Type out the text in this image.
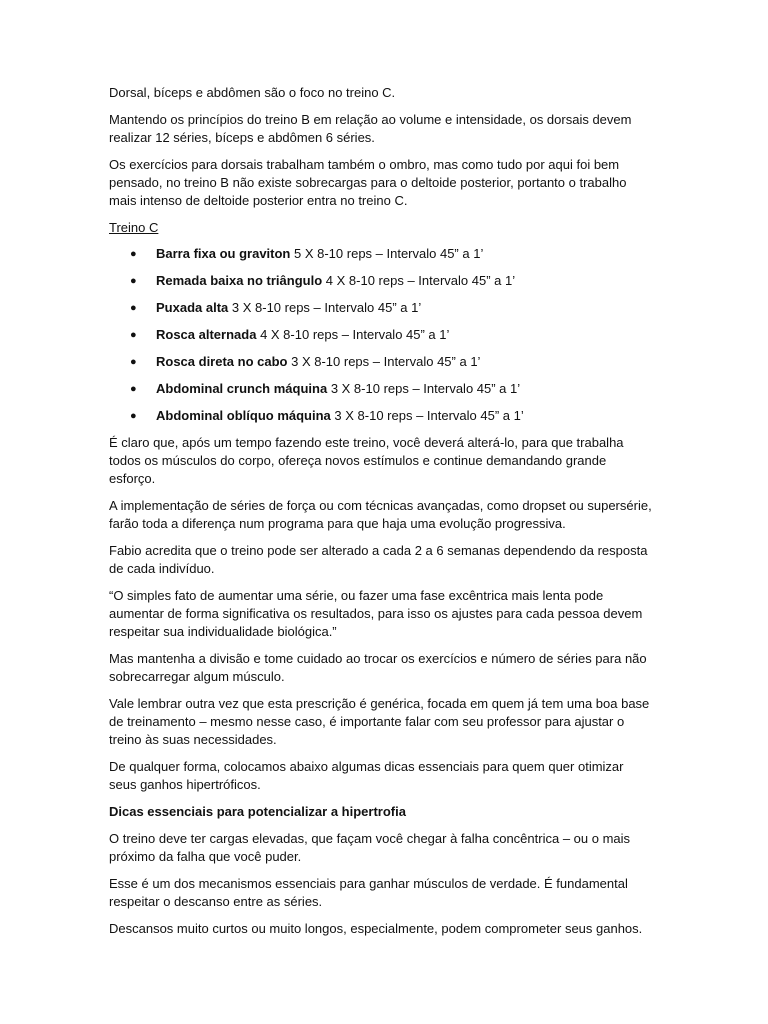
Dorsal, bíceps e abdômen são o foco no treino C.

Mantendo os princípios do treino B em relação ao volume e intensidade, os dorsais devem realizar 12 séries, bíceps e abdômen 6 séries.

Os exercícios para dorsais trabalham também o ombro, mas como tudo por aqui foi bem pensado, no treino B não existe sobrecargas para o deltoide posterior, portanto o trabalho mais intenso de deltoide posterior entra no treino C.

Treino C

● Barra fixa ou graviton 5 X 8-10 reps – Intervalo 45” a 1’
● Remada baixa no triângulo 4 X 8-10 reps – Intervalo 45” a 1’
● Puxada alta 3 X 8-10 reps – Intervalo 45” a 1’
● Rosca alternada 4 X 8-10 reps – Intervalo 45” a 1’
● Rosca direta no cabo 3 X 8-10 reps – Intervalo 45” a 1’
● Abdominal crunch máquina 3 X 8-10 reps – Intervalo 45” a 1’
● Abdominal oblíquo máquina 3 X 8-10 reps – Intervalo 45” a 1’

É claro que, após um tempo fazendo este treino, você deverá alterá-lo, para que trabalha todos os músculos do corpo, ofereça novos estímulos e continue demandando grande esforço.

A implementação de séries de força ou com técnicas avançadas, como dropset ou supersérie, farão toda a diferença num programa para que haja uma evolução progressiva.

Fabio acredita que o treino pode ser alterado a cada 2 a 6 semanas dependendo da resposta de cada indivíduo.

“O simples fato de aumentar uma série, ou fazer uma fase excêntrica mais lenta pode aumentar de forma significativa os resultados, para isso os ajustes para cada pessoa devem respeitar sua individualidade biológica.”

Mas mantenha a divisão e tome cuidado ao trocar os exercícios e número de séries para não sobrecarregar algum músculo.

Vale lembrar outra vez que esta prescrição é genérica, focada em quem já tem uma boa base de treinamento – mesmo nesse caso, é importante falar com seu professor para ajustar o treino às suas necessidades.

De qualquer forma, colocamos abaixo algumas dicas essenciais para quem quer otimizar seus ganhos hipertróficos.

Dicas essenciais para potencializar a hipertrofia

O treino deve ter cargas elevadas, que façam você chegar à falha concêntrica – ou o mais próximo da falha que você puder.

Esse é um dos mecanismos essenciais para ganhar músculos de verdade. É fundamental respeitar o descanso entre as séries.

Descansos muito curtos ou muito longos, especialmente, podem comprometer seus ganhos.
